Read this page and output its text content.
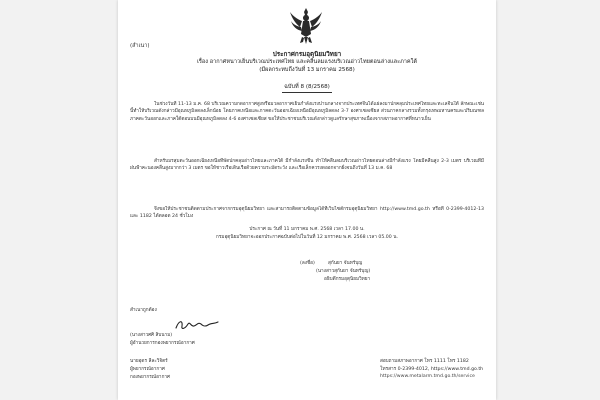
(สำเนา)
ประกาศกรมอุตุนิยมวิทยา
เรื่อง อากาศหนาวเย็นบริเวณประเทศไทย และคลื่นลมแรงบริเวณอ่าวไทยตอนล่างและภาคใต้
(มีผลกระทบถึงวันที่ 13 มกราคม 2568)
ฉบับที่ 8 (8/2568)

ในช่วงวันที่ 11-13 ม.ค. 68 บริเวณความกดอากาศสูงหรือมวลอากาศเย็นกำลังแรงปานกลางจากประเทศจีนได้แผ่ลงมาปกคลุมประเทศไทยและทะเลจีนใต้ ลักษณะเช่นนี้ทำให้บริเวณดังกล่าวมีอุณหภูมิลดลงเล็กน้อย โดยภาคเหนือและภาคตะวันออกเฉียงเหนือมีอุณหภูมิลดลง 3-7 องศาเซลเซียส ส่วนภาคกลางรวมทั้งกรุงเทพมหานครและปริมณฑล ภาคตะวันออกและภาคใต้ตอนบนมีอุณหภูมิลดลง 4-6 องศาเซลเซียส ขอให้ประชาชนบริเวณดังกล่าวดูแลรักษาสุขภาพเนื่องจากสภาพอากาศที่หนาวเย็น

สำหรับมรสุมตะวันออกเฉียงเหนือที่พัดปกคลุมอ่าวไทยและภาคใต้ มีกำลังแรงขึ้น ทำให้คลื่นลมบริเวณอ่าวไทยตอนล่างมีกำลังแรง โดยมีคลื่นสูง 2-3 เมตร บริเวณที่มีฝนฟ้าคะนองคลื่นสูงมากกว่า 3 เมตร ขอให้ชาวเรือเดินเรือด้วยความระมัดระวัง และเรือเล็กควรงดออกจากฝั่งจนถึงวันที่ 13 ม.ค. 68

จึงขอให้ประชาชนติดตามประกาศจากกรมอุตุนิยมวิทยา และสามารถติดตามข้อมูลได้ที่เว็บไซต์กรมอุตุนิยมวิทยา http://www.tmd.go.th หรือที่ 0-2399-4012-13 และ 1182 ได้ตลอด 24 ชั่วโมง

ประกาศ ณ วันที่ 11 มกราคม พ.ศ. 2568 เวลา 17.00 น.
กรมอุตุนิยมวิทยาจะออกประกาศฉบับต่อไปในวันที่ 12 มกราคม พ.ศ. 2568 เวลา 05.00 น.
(ลงชื่อ)	สุกันยา จันทร์บุญ
(นางสาวสุกันยา จันทร์บุญ)
อธิบดีกรมอุตุนิยมวิทยา
สำเนาถูกต้อง
(นางสาวศศิ สิบนาม)
ผู้อำนวยการกองพยากรณ์อากาศ
นายอุดร ลีละวิจิตร์
ผู้พยากรณ์อากาศ
กองพยากรณ์อากาศ
สอบถามสภาพอากาศ โทร 1111 โทร 1182
โทรสาร 0-2399-4012, https://www.tmd.go.th
https://www.metalarm.tmd.go.th/service
